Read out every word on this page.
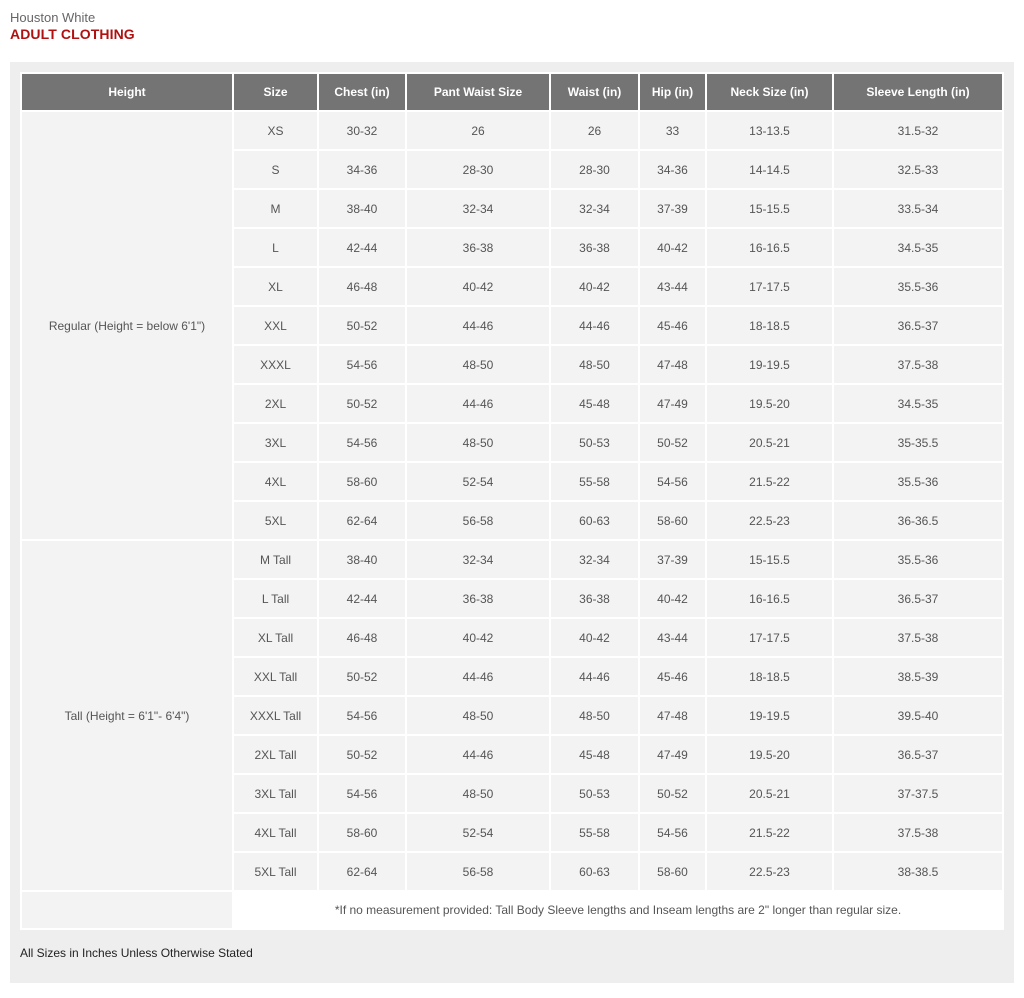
Houston White
ADULT CLOTHING
Height	Size	Chest (in)	Pant Waist Size	Waist (in)	Hip (in)	Neck Size (in)	Sleeve Length (in)
Regular (Height = below 6'1")	XS	30-32	26	26	33	13-13.5	31.5-32
	S	34-36	28-30	28-30	34-36	14-14.5	32.5-33
	M	38-40	32-34	32-34	37-39	15-15.5	33.5-34
	L	42-44	36-38	36-38	40-42	16-16.5	34.5-35
	XL	46-48	40-42	40-42	43-44	17-17.5	35.5-36
	XXL	50-52	44-46	44-46	45-46	18-18.5	36.5-37
	XXXL	54-56	48-50	48-50	47-48	19-19.5	37.5-38
	2XL	50-52	44-46	45-48	47-49	19.5-20	34.5-35
	3XL	54-56	48-50	50-53	50-52	20.5-21	35-35.5
	4XL	58-60	52-54	55-58	54-56	21.5-22	35.5-36
	5XL	62-64	56-58	60-63	58-60	22.5-23	36-36.5
Tall (Height = 6'1"- 6'4")	M Tall	38-40	32-34	32-34	37-39	15-15.5	35.5-36
	L Tall	42-44	36-38	36-38	40-42	16-16.5	36.5-37
	XL Tall	46-48	40-42	40-42	43-44	17-17.5	37.5-38
	XXL Tall	50-52	44-46	44-46	45-46	18-18.5	38.5-39
	XXXL Tall	54-56	48-50	48-50	47-48	19-19.5	39.5-40
	2XL Tall	50-52	44-46	45-48	47-49	19.5-20	36.5-37
	3XL Tall	54-56	48-50	50-53	50-52	20.5-21	37-37.5
	4XL Tall	58-60	52-54	55-58	54-56	21.5-22	37.5-38
	5XL Tall	62-64	56-58	60-63	58-60	22.5-23	38-38.5
	*If no measurement provided: Tall Body Sleeve lengths and Inseam lengths are 2" longer than regular size.						
All Sizes in Inches Unless Otherwise Stated
